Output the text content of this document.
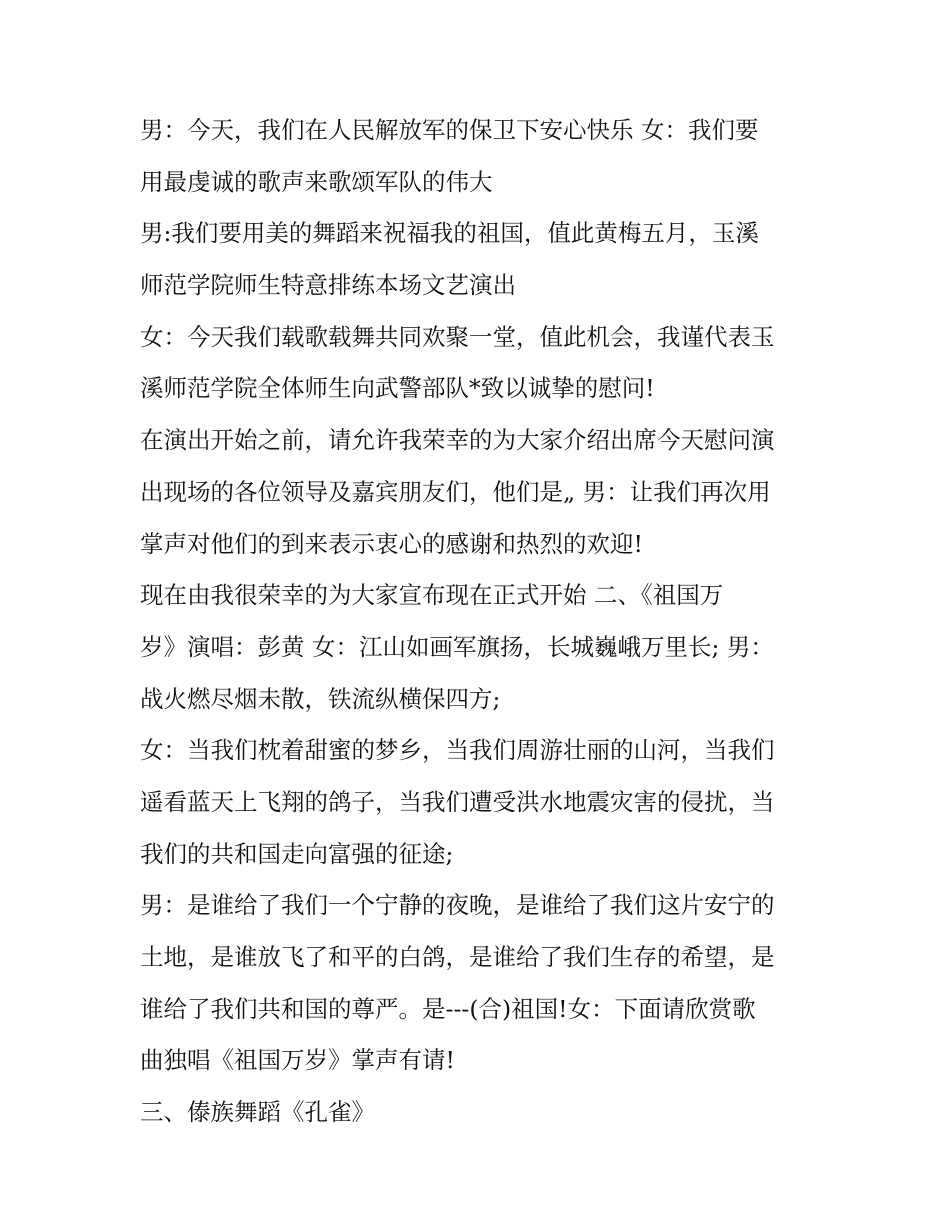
男：今天，我们在人民解放军的保卫下安心快乐 女：我们要
用最虔诚的歌声来歌颂军队的伟大
男:我们要用美的舞蹈来祝福我的祖国，值此黄梅五月，玉溪
师范学院师生特意排练本场文艺演出
女：今天我们载歌载舞共同欢聚一堂，值此机会，我谨代表玉
溪师范学院全体师生向武警部队*致以诚挚的慰问!
在演出开始之前，请允许我荣幸的为大家介绍出席今天慰问演
出现场的各位领导及嘉宾朋友们，他们是„ 男：让我们再次用
掌声对他们的到来表示衷心的感谢和热烈的欢迎!
现在由我很荣幸的为大家宣布现在正式开始 二、《祖国万
岁》演唱：彭黄 女：江山如画军旗扬，长城巍峨万里长; 男：
战火燃尽烟未散，铁流纵横保四方;
女：当我们枕着甜蜜的梦乡，当我们周游壮丽的山河，当我们
遥看蓝天上飞翔的鸽子，当我们遭受洪水地震灾害的侵扰，当
我们的共和国走向富强的征途;
男：是谁给了我们一个宁静的夜晚，是谁给了我们这片安宁的
土地，是谁放飞了和平的白鸽，是谁给了我们生存的希望，是
谁给了我们共和国的尊严。是---(合)祖国!女：下面请欣赏歌
曲独唱《祖国万岁》掌声有请!
三、傣族舞蹈《孔雀》
